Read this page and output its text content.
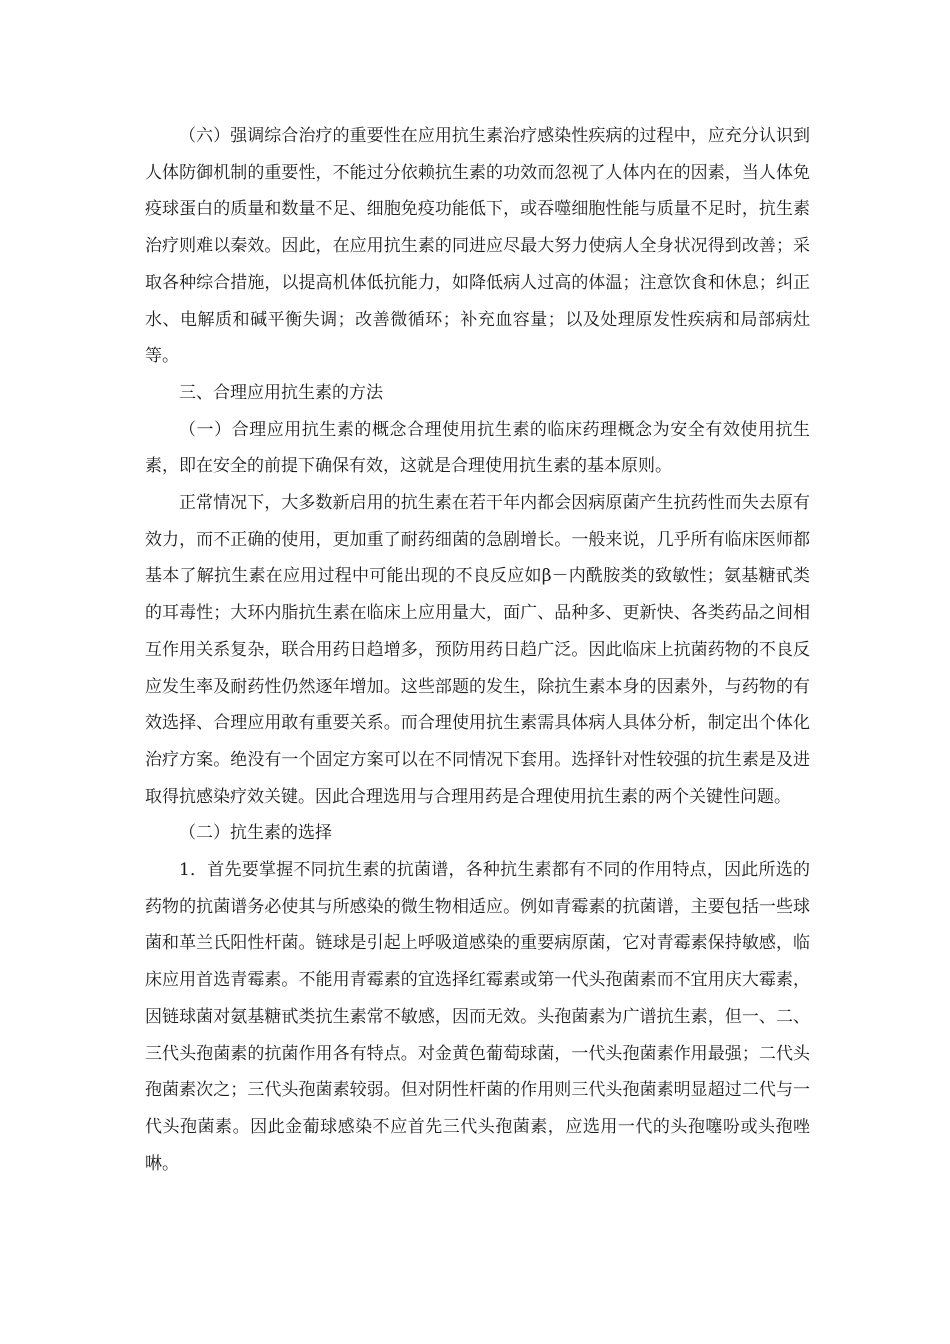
（六）强调综合治疗的重要性在应用抗生素治疗感染性疾病的过程中，应充分认识到人体防御机制的重要性，不能过分依赖抗生素的功效而忽视了人体内在的因素，当人体免疫球蛋白的质量和数量不足、细胞免疫功能低下，或吞噬细胞性能与质量不足时，抗生素治疗则难以秦效。因此，在应用抗生素的同进应尽最大努力使病人全身状况得到改善；采取各种综合措施，以提高机体低抗能力，如降低病人过高的体温；注意饮食和休息；纠正水、电解质和碱平衡失调；改善微循环；补充血容量；以及处理原发性疾病和局部病灶等。

三、合理应用抗生素的方法

（一）合理应用抗生素的概念合理使用抗生素的临床药理概念为安全有效使用抗生素，即在安全的前提下确保有效，这就是合理使用抗生素的基本原则。

正常情况下，大多数新启用的抗生素在若干年内都会因病原菌产生抗药性而失去原有效力，而不正确的使用，更加重了耐药细菌的急剧增长。一般来说，几乎所有临床医师都基本了解抗生素在应用过程中可能出现的不良反应如β－内酰胺类的致敏性；氨基糖甙类的耳毒性；大环内脂抗生素在临床上应用量大，面广、品种多、更新快、各类药品之间相互作用关系复杂，联合用药日趋增多，预防用药日趋广泛。因此临床上抗菌药物的不良反应发生率及耐药性仍然逐年增加。这些部题的发生，除抗生素本身的因素外，与药物的有效选择、合理应用敢有重要关系。而合理使用抗生素需具体病人具体分析，制定出个体化治疗方案。绝没有一个固定方案可以在不同情况下套用。选择针对性较强的抗生素是及进取得抗感染疗效关键。因此合理选用与合理用药是合理使用抗生素的两个关键性问题。

（二）抗生素的选择

1．首先要掌握不同抗生素的抗菌谱，各种抗生素都有不同的作用特点，因此所选的药物的抗菌谱务必使其与所感染的微生物相适应。例如青霉素的抗菌谱，主要包括一些球菌和革兰氏阳性杆菌。链球是引起上呼吸道感染的重要病原菌，它对青霉素保持敏感，临床应用首选青霉素。不能用青霉素的宜选择红霉素或第一代头孢菌素而不宜用庆大霉素，因链球菌对氨基糖甙类抗生素常不敏感，因而无效。头孢菌素为广谱抗生素，但一、二、三代头孢菌素的抗菌作用各有特点。对金黄色葡萄球菌，一代头孢菌素作用最强；二代头孢菌素次之；三代头孢菌素较弱。但对阴性杆菌的作用则三代头孢菌素明显超过二代与一代头孢菌素。因此金葡球感染不应首先三代头孢菌素，应选用一代的头孢噻吩或头孢唑啉。
